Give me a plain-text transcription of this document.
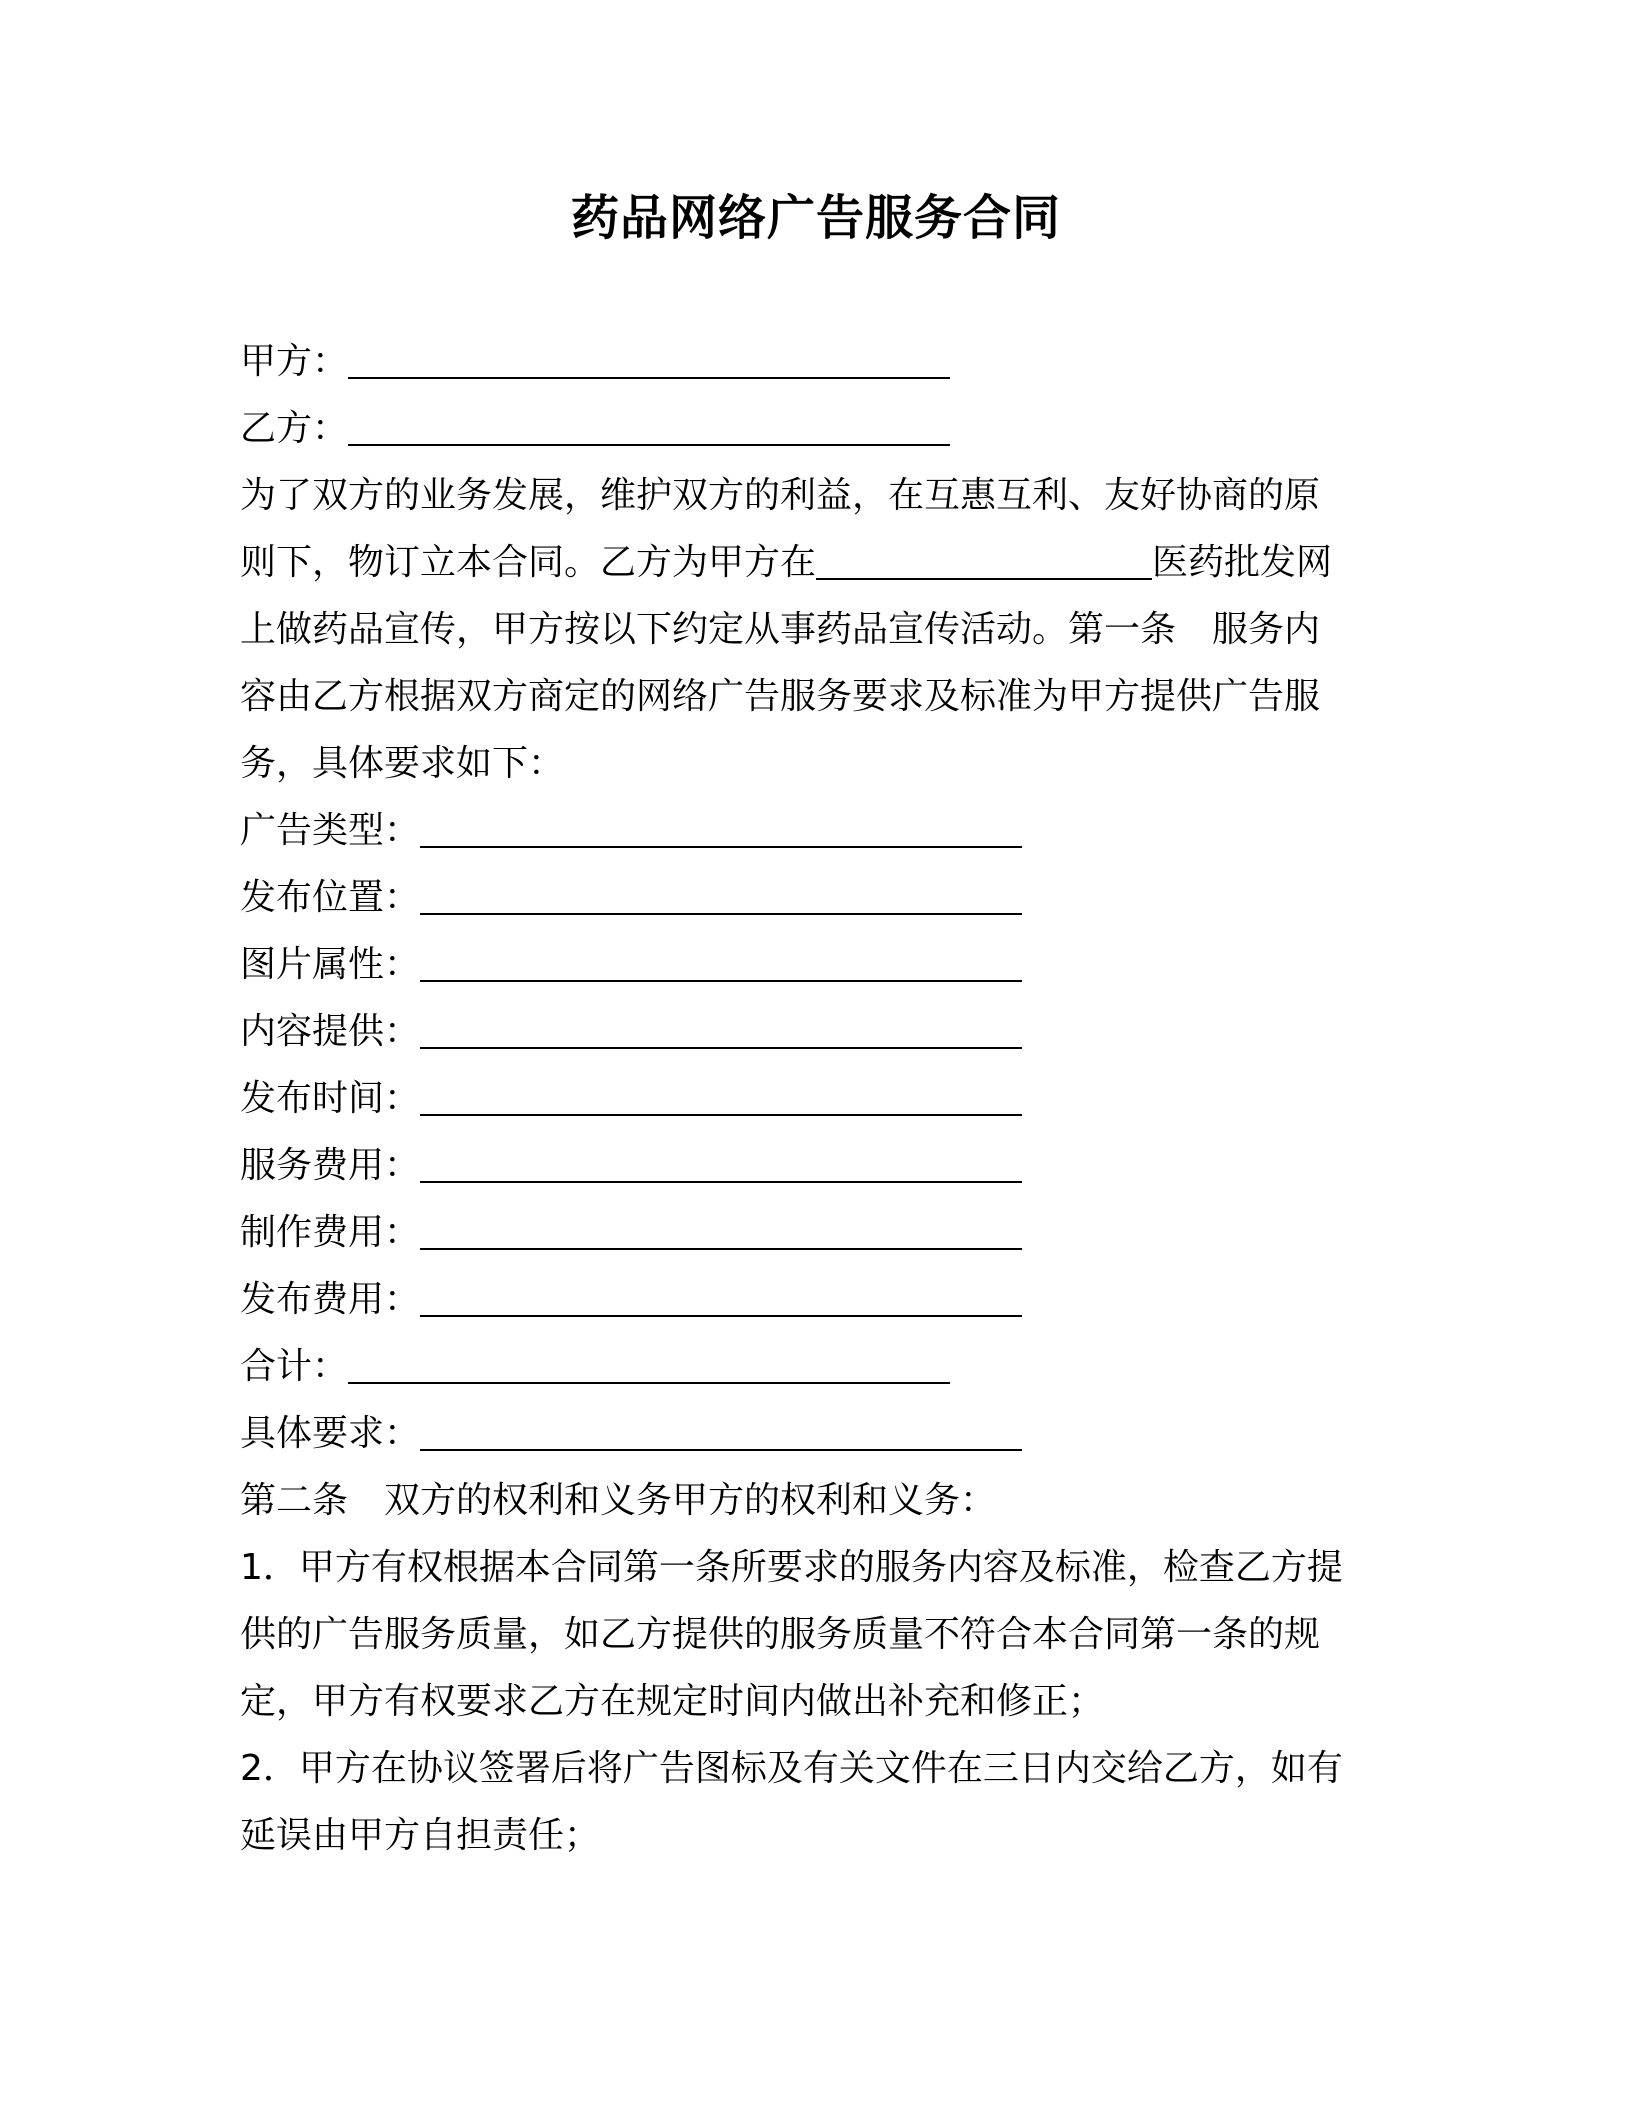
药品网络广告服务合同
甲方：
乙方：
为了双方的业务发展，维护双方的利益，在互惠互利、友好协商的原
则下，物订立本合同。乙方为甲方在	医药批发网
上做药品宣传，甲方按以下约定从事药品宣传活动。第一条 服务内
容由乙方根据双方商定的网络广告服务要求及标准为甲方提供广告服
务，具体要求如下：
广告类型：
发布位置：
图片属性：
内容提供：
发布时间：
服务费用：
制作费用：
发布费用：
合计：
具体要求：
第二条 双方的权利和义务甲方的权利和义务：
1．甲方有权根据本合同第一条所要求的服务内容及标准，检查乙方提
供的广告服务质量，如乙方提供的服务质量不符合本合同第一条的规
定，甲方有权要求乙方在规定时间内做出补充和修正；
2．甲方在协议签署后将广告图标及有关文件在三日内交给乙方，如有
延误由甲方自担责任；
